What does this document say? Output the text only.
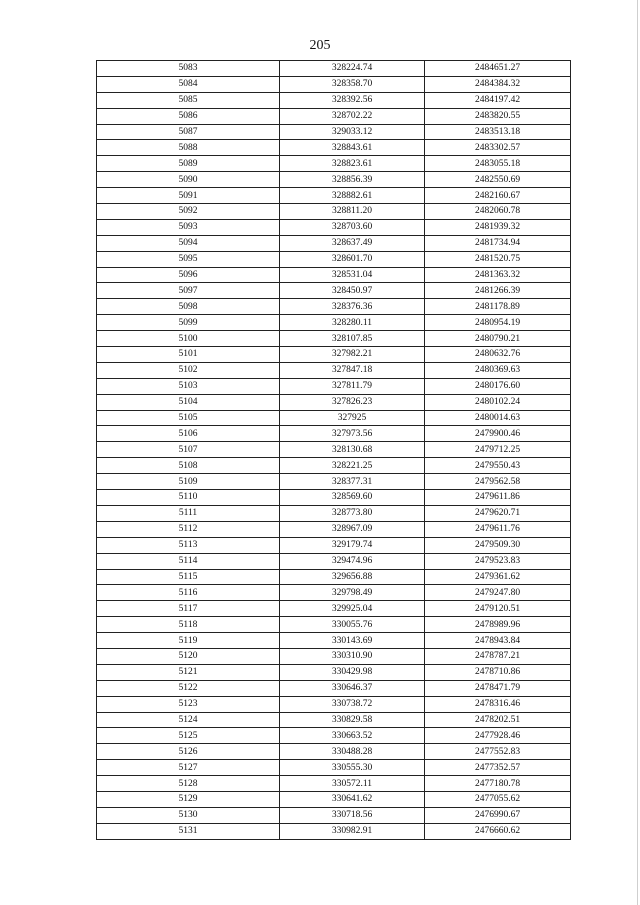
205
5083	328224.74	2484651.27
5084	328358.70	2484384.32
5085	328392.56	2484197.42
5086	328702.22	2483820.55
5087	329033.12	2483513.18
5088	328843.61	2483302.57
5089	328823.61	2483055.18
5090	328856.39	2482550.69
5091	328882.61	2482160.67
5092	328811.20	2482060.78
5093	328703.60	2481939.32
5094	328637.49	2481734.94
5095	328601.70	2481520.75
5096	328531.04	2481363.32
5097	328450.97	2481266.39
5098	328376.36	2481178.89
5099	328280.11	2480954.19
5100	328107.85	2480790.21
5101	327982.21	2480632.76
5102	327847.18	2480369.63
5103	327811.79	2480176.60
5104	327826.23	2480102.24
5105	327925	2480014.63
5106	327973.56	2479900.46
5107	328130.68	2479712.25
5108	328221.25	2479550.43
5109	328377.31	2479562.58
5110	328569.60	2479611.86
5111	328773.80	2479620.71
5112	328967.09	2479611.76
5113	329179.74	2479509.30
5114	329474.96	2479523.83
5115	329656.88	2479361.62
5116	329798.49	2479247.80
5117	329925.04	2479120.51
5118	330055.76	2478989.96
5119	330143.69	2478943.84
5120	330310.90	2478787.21
5121	330429.98	2478710.86
5122	330646.37	2478471.79
5123	330738.72	2478316.46
5124	330829.58	2478202.51
5125	330663.52	2477928.46
5126	330488.28	2477552.83
5127	330555.30	2477352.57
5128	330572.11	2477180.78
5129	330641.62	2477055.62
5130	330718.56	2476990.67
5131	330982.91	2476660.62
